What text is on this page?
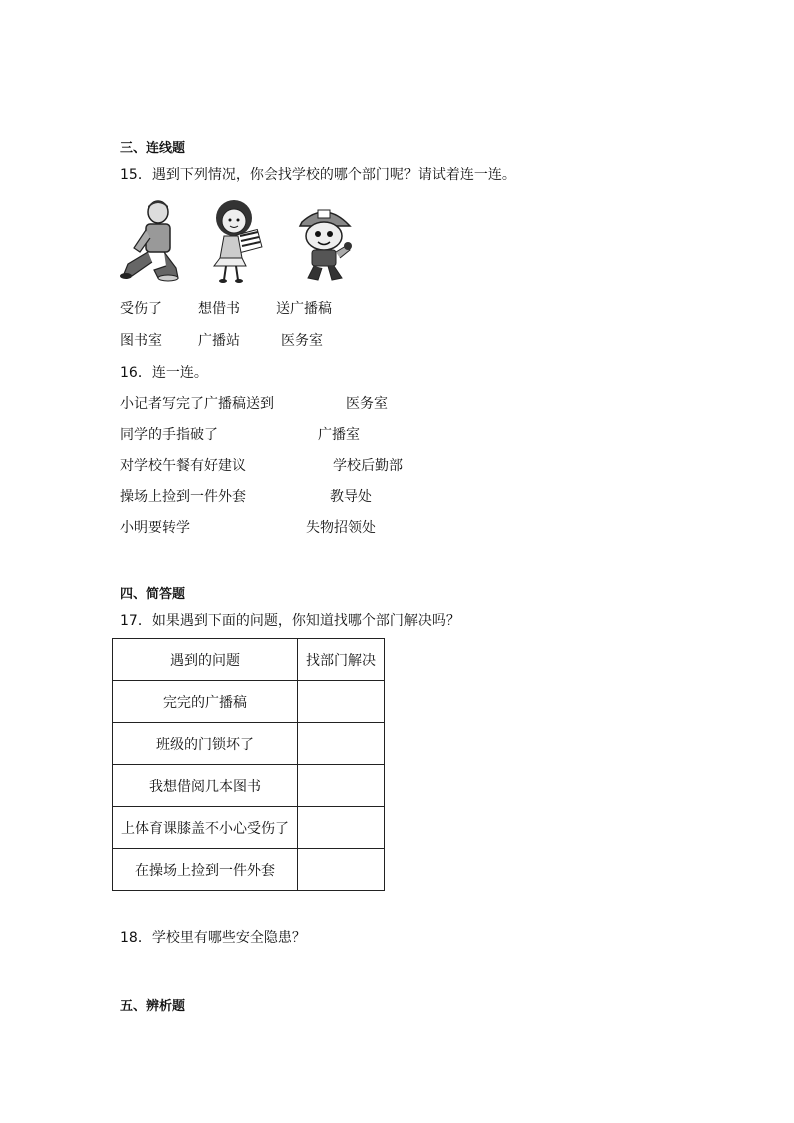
三、连线题
15．遇到下列情况，你会找学校的哪个部门呢？请试着连一连。
受伤了	想借书	送广播稿
图书室	广播站	医务室
16．连一连。
小记者写完了广播稿送到	医务室
同学的手指破了	广播室
对学校午餐有好建议	学校后勤部
操场上捡到一件外套	教导处
小明要转学	失物招领处
四、简答题
17．如果遇到下面的问题，你知道找哪个部门解决吗？
遇到的问题	找部门解决
完完的广播稿	
班级的门锁坏了	
我想借阅几本图书	
上体育课膝盖不小心受伤了	
在操场上捡到一件外套	
18．学校里有哪些安全隐患？
五、辨析题
